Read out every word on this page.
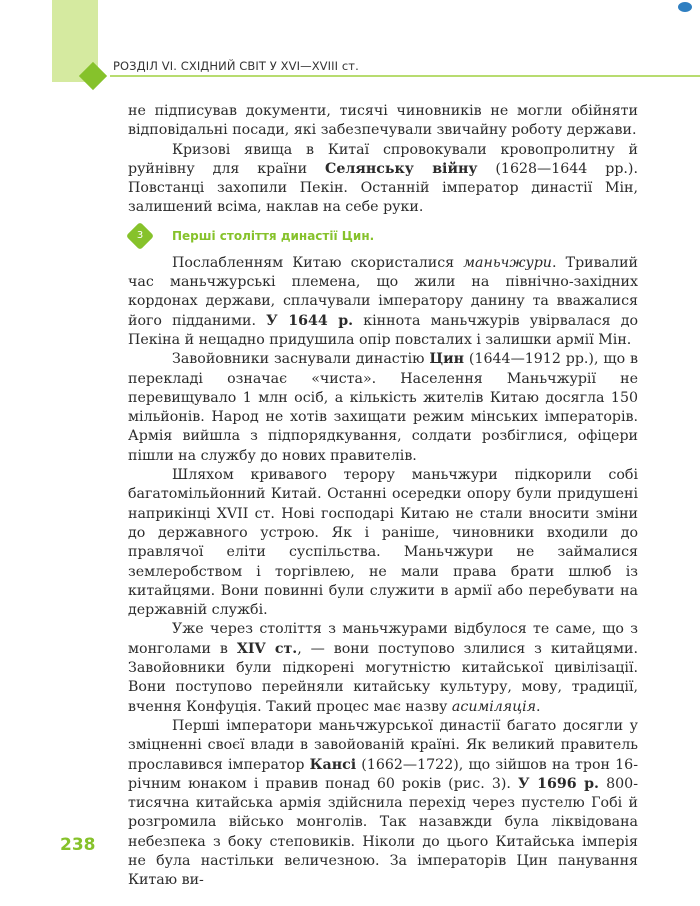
РОЗДІЛ VI. СХІДНИЙ СВІТ У XVI—XVIII ст.

не підписував документи, тисячі чиновників не могли обійняти відповідальні посади, які забезпечували звичайну роботу держави.

Кризові явища в Китаї спровокували кровопролитну й руйнівну для країни Селянську війну (1628—1644 рр.). Повстанці захопили Пекін. Останній імператор династії Мін, залишений всіма, наклав на себе руки.

3	Перші століття династії Цин.

Послабленням Китаю скористалися маньчжури. Тривалий час маньчжурські племена, що жили на північно-західних кордонах держави, сплачували імператору данину та вважалися його підданими. У 1644 р. кіннота маньчжурів увірвалася до Пекіна й нещадно придушила опір повсталих і залишки армії Мін.

Завойовники заснували династію Цин (1644—1912 рр.), що в перекладі означає «чиста». Населення Маньчжурії не перевищувало 1 млн осіб, а кількість жителів Китаю досягла 150 мільйонів. Народ не хотів захищати режим мінських імператорів. Армія вийшла з підпорядкування, солдати розбіглися, офіцери пішли на службу до нових правителів.

Шляхом кривавого терору маньчжури підкорили собі багатомільйонний Китай. Останні осередки опору були придушені наприкінці XVII ст. Нові господарі Китаю не стали вносити зміни до державного устрою. Як і раніше, чиновники входили до правлячої еліти суспільства. Маньчжури не займалися землеробством і торгівлею, не мали права брати шлюб із китайцями. Вони повинні були служити в армії або перебувати на державній службі.

Уже через століття з маньчжурами відбулося те саме, що з монголами в XIV ст., — вони поступово злилися з китайцями. Завойовники були підкорені могутністю китайської цивілізації. Вони поступово перейняли китайську культуру, мову, традиції, вчення Конфуція. Такий процес має назву асиміляція.

Перші імператори маньчжурської династії багато досягли у зміцненні своєї влади в завойованій країні. Як великий правитель прославився імператор Кансі (1662—1722), що зійшов на трон 16-річним юнаком і правив понад 60 років (рис. 3). У 1696 р. 800-тисячна китайська армія здійснила перехід через пустелю Гобі й розгромила військо монголів. Так назавжди була ліквідована небезпека з боку степовиків. Ніколи до цього Китайська імперія не була настільки величезною. За імператорів Цин панування Китаю ви-

238
